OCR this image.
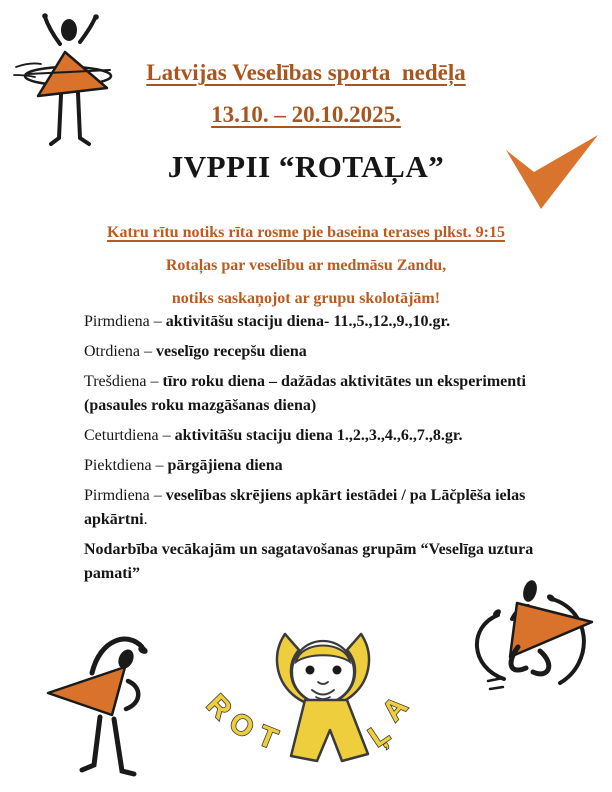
Latvijas Veselības sporta  nedēļa
13.10. – 20.10.2025.
JVPPII “ROTAĻA”
Katru rītu notiks rīta rosme pie baseina terases plkst. 9:15
Rotaļas par veselību ar medmāsu Zandu,
notiks saskaņojot ar grupu skolotājām!
Pirmdiena – aktivitāšu staciju diena- 11.,5.,12.,9.,10.gr.
Otrdiena – veselīgo recepšu diena
Trešdiena – tīro roku diena – dažādas aktivitātes un eksperimenti (pasaules roku mazgāšanas diena)
Ceturtdiena – aktivitāšu staciju diena 1.,2.,3.,4.,6.,7.,8.gr.
Piektdiena – pārgājiena diena
Pirmdiena – veselības skrējiens apkārt iestādei / pa Lāčplēša ielas apkārtni.
Nodarbība vecākajām un sagatavošanas grupām “Veselīga uztura pamati”
R
O
T	Ļ
A
